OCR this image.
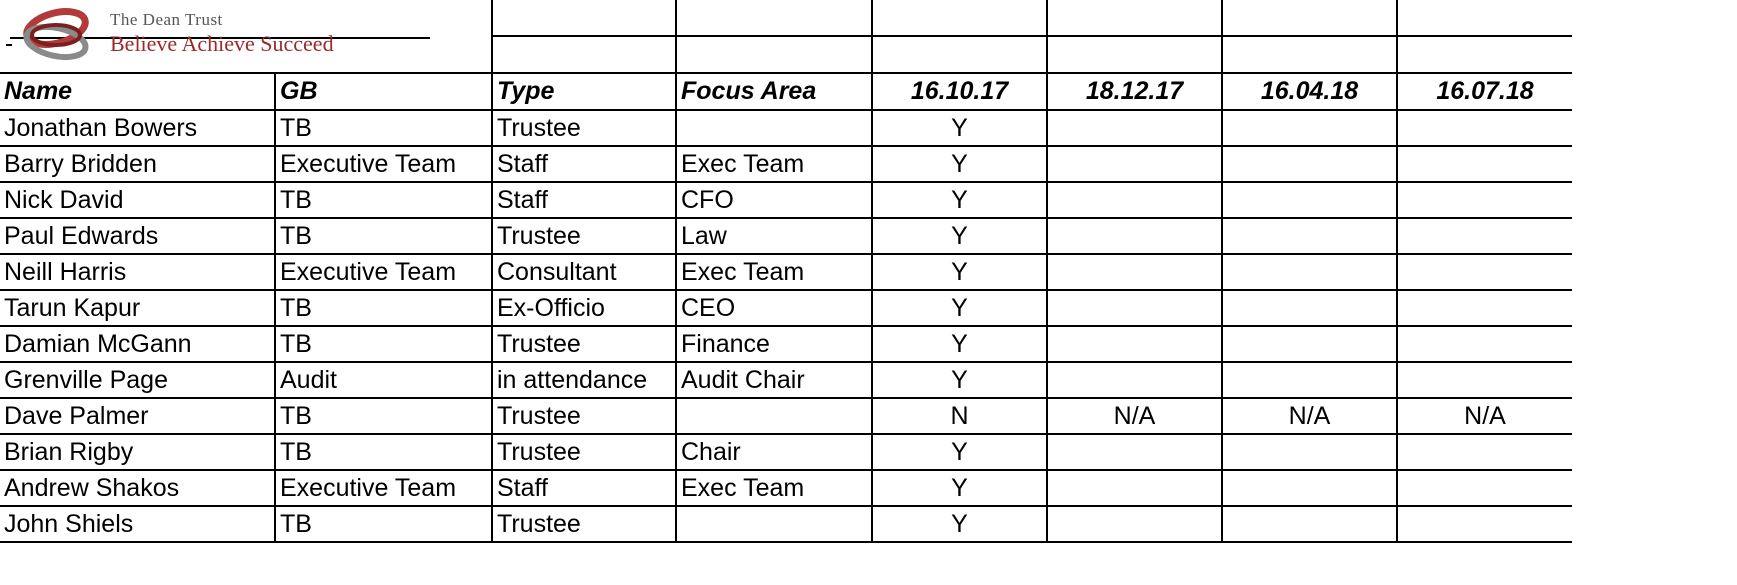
Name	GB	Type	Focus Area	16.10.17	18.12.17	16.04.18	16.07.18
Jonathan Bowers	TB	Trustee		Y			
Barry Bridden	Executive Team	Staff	Exec Team	Y			
Nick David	TB	Staff	CFO	Y			
Paul Edwards	TB	Trustee	Law	Y			
Neill Harris	Executive Team	Consultant	Exec Team	Y			
Tarun Kapur	TB	Ex-Officio	CEO	Y			
Damian McGann	TB	Trustee	Finance	Y			
Grenville Page	Audit	in attendance	Audit Chair	Y			
Dave Palmer	TB	Trustee		N	N/A	N/A	N/A
Brian Rigby	TB	Trustee	Chair	Y			
Andrew Shakos	Executive Team	Staff	Exec Team	Y			
John Shiels	TB	Trustee		Y			
The Dean Trust
Believe Achieve Succeed
